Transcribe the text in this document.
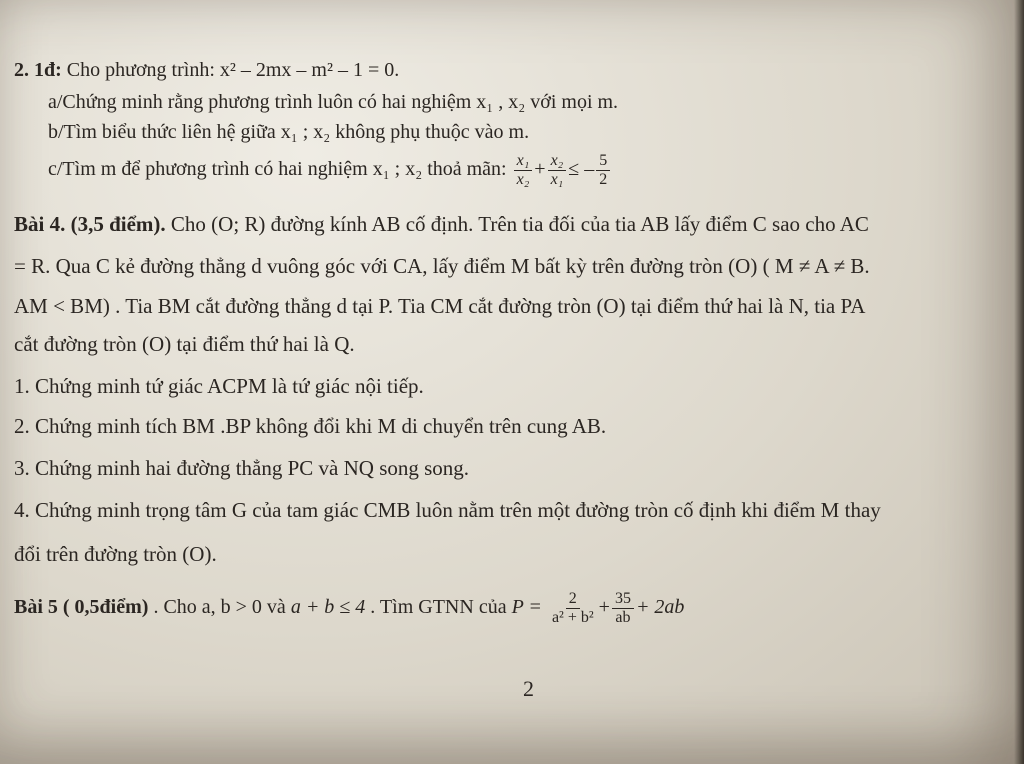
2. 1đ: Cho phương trình: x² – 2mx – m² – 1 = 0.
a/Chứng minh rằng phương trình luôn có hai nghiệm x₁ , x₂ với mọi m.
b/Tìm biểu thức liên hệ giữa x₁ ; x₂ không phụ thuộc vào m.
c/Tìm m để phương trình có hai nghiệm x₁ ; x₂ thoả mãn: $\frac{\text{x₁}}{\text{x₂}} + \frac{\text{x₂}}{\text{x₁}}$ ≤ – $\frac{5}{2}$
Bài 4. (3,5 điểm). Cho (O; R) đường kính AB cố định. Trên tia đối của tia AB lấy điểm C sao cho AC
= R. Qua C kẻ đường thẳng d vuông góc với CA, lấy điểm M bất kỳ trên đường tròn (O) ( M ≠ A ≠ B.
AM < BM) . Tia BM cắt đường thẳng d tại P. Tia CM cắt đường tròn (O) tại điểm thứ hai là N, tia PA
cắt đường tròn (O) tại điểm thứ hai là Q.
1. Chứng minh tứ giác ACPM là tứ giác nội tiếp.
2. Chứng minh tích BM .BP không đổi khi M di chuyển trên cung AB.
3. Chứng minh hai đường thẳng PC và NQ song song.
4. Chứng minh trọng tâm G của tam giác CMB luôn nằm trên một đường tròn cố định khi điểm M thay
đổi trên đường tròn (O).
Bài 5 ( 0,5điểm) . Cho a, b > 0 và a + b ≤ 4 . Tìm GTNN của $P = \frac{2}{\text{a² + b²}} + \frac{35}{ab} + 2ab$
2
